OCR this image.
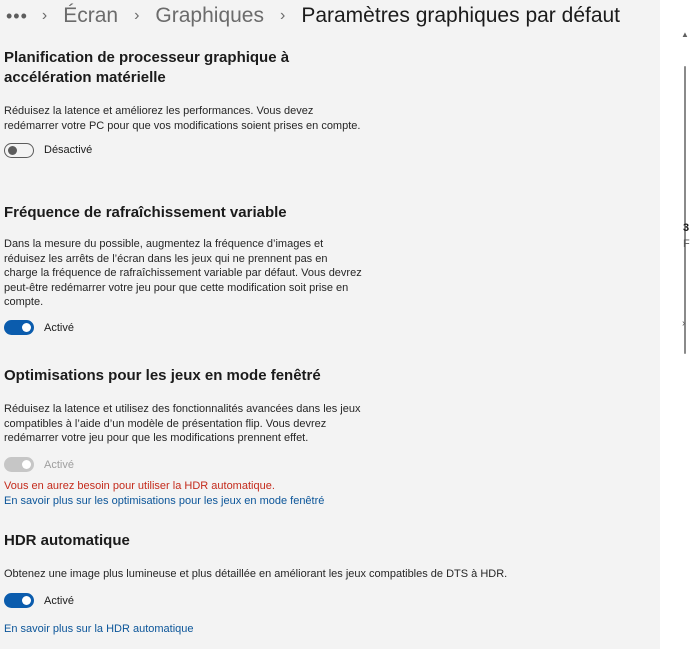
••• › Écran › Graphiques › Paramètres graphiques par défaut
Planification de processeur graphique à
accélération matérielle

Réduisez la latence et améliorez les performances. Vous devez redémarrer votre PC pour que vos modifications soient prises en compte.

Désactivé
Fréquence de rafraîchissement variable

Dans la mesure du possible, augmentez la fréquence d’images et réduisez les arrêts de l’écran dans les jeux qui ne prennent pas en charge la fréquence de rafraîchissement variable par défaut. Vous devrez peut-être redémarrer votre jeu pour que cette modification soit prise en compte.

Activé
Optimisations pour les jeux en mode fenêtré

Réduisez la latence et utilisez des fonctionnalités avancées dans les jeux compatibles à l’aide d’un modèle de présentation flip. Vous devrez redémarrer votre jeu pour que les modifications prennent effet.

Activé
Vous en aurez besoin pour utiliser la HDR automatique.
En savoir plus sur les optimisations pour les jeux en mode fenêtré
HDR automatique

Obtenez une image plus lumineuse et plus détaillée en améliorant les jeux compatibles de DTS à HDR.

Activé
En savoir plus sur la HDR automatique
▲
3
F
›
